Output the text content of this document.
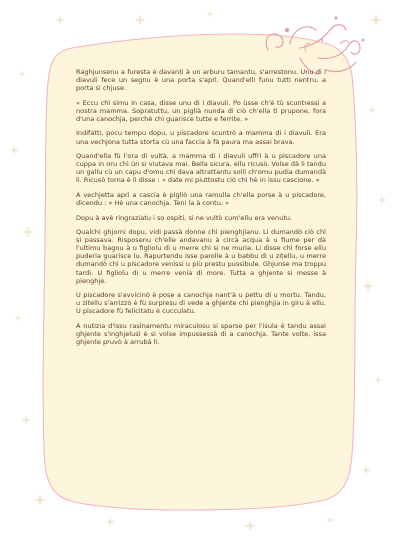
Raghjunsenu a furesta è davanti à un arburu tamantu, s'arrestonu. Unu di i diavuli fece un segnu è una porta s'aprì. Quand'elli funu tutti nentru, a porta si chjuse.

« Eccu chì simu in casa, disse unu di i diavuli. Po ùsse ch'è tù scuntressi a nostra mamma. Sopratuttu, un piglià nunda di ciò ch'ella ti prupone, fora d'una canochja, perchè chì guarisce tutte e ferrite. »

Indifatti, pocu tempu dopu, u piscadore scuntrò a mamma di i diavuli. Era una vechjona tutta storta cù una faccia à fà paura ma assai brava.

Quand'ella fù l'ora di vultà, a mamma di i diavuli uffrì à u piscadore una cuppa in oru chì ùn si viutava mai. Bella sicura, ellu ricusò. Volse dà li tandu un gallu cù un capu d'omu chì dava altrattantu solli ch'omu pudia dumandà li. Ricusò torna è lì disse : « date mi piuttostu ciò chì hè in issu cascione. »

A vechjetta aprì a cascia è pigliò una ramulla ch'ella porse à u piscadore, dicendu : « Hè una canochja. Teni la à contu. »

Dopu à avè ringraziatu i so ospiti, si ne vultò cum'ellu era venutu.

Qualchi ghjorni dopu, vidi passà donne chì pienghjianu. Li dumandò ciò chì si passava. Risposenu ch'elle andavanu à circà acqua à u fiume per dà l'ultimu bagnu à u figliolu di u merre chì si ne muria. Li disse chì forse ellu puderia guarisce lu. Rapurtendu isse parolle à u babbu di u zitellu, u merre dumandò chì u piscadore venissi u più prestu pussibule. Ghjunse ma troppu tardi. U figliolu di u merre venia di more. Tutta a ghjente si messe à pienghje.

U piscadore s'avvicinò è pose a canochja nant'à u pettu di u mortu. Tandu, u zitellu s'arrizzò è fù surpresu di vede a ghjente chì pienghjia in giru à ellu. U piscadore fù felicitatu è cucculatu.

A nutizia d'issu rasinamentu miraculosu si sparse per l'isula è tandu assai ghjente s'inghjelusì è si volse impussessà di a canochja. Tante volte, issa ghjente pruvò à arrubà lì.
